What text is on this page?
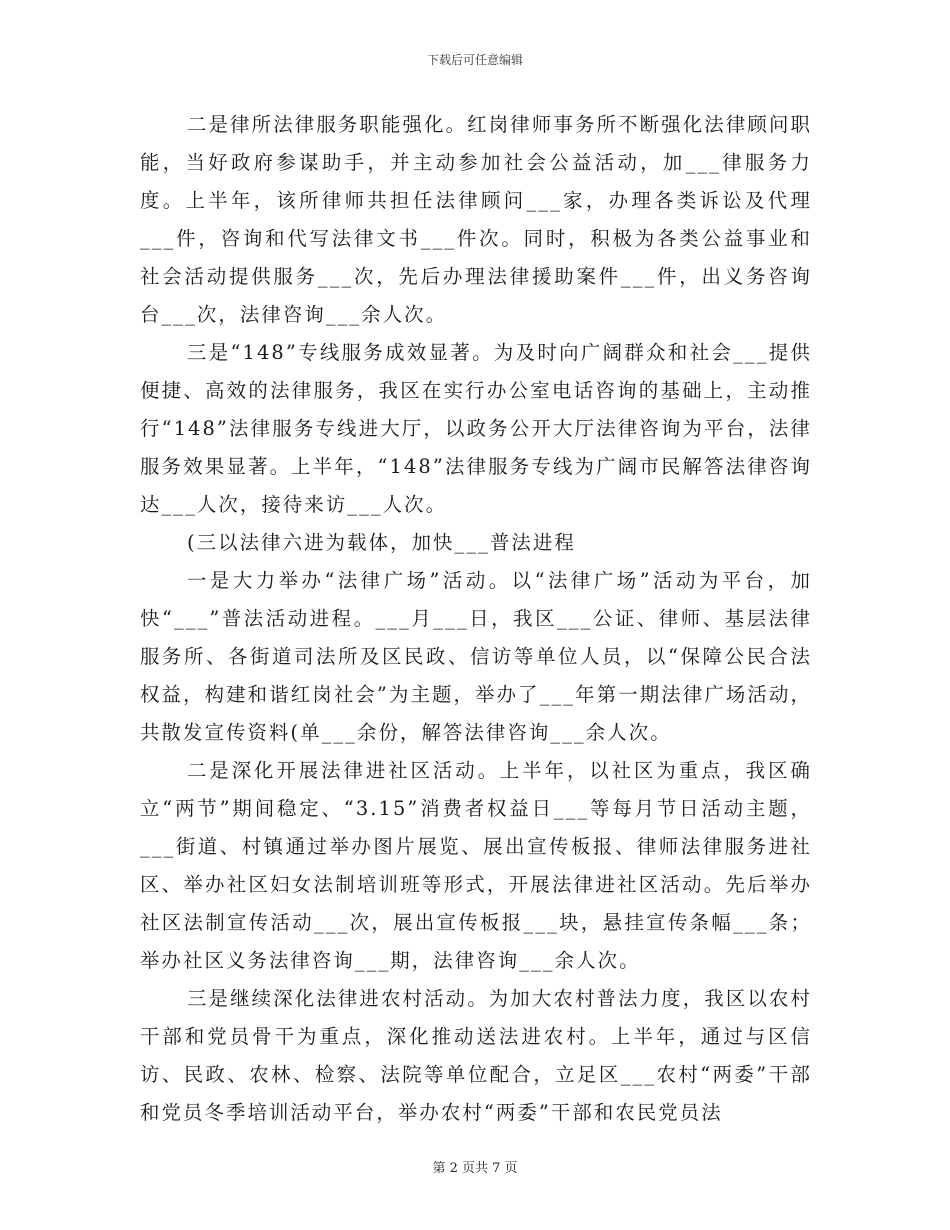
下载后可任意编辑

二是律所法律服务职能强化。红岗律师事务所不断强化法律顾问职能，当好政府参谋助手，并主动参加社会公益活动，加___律服务力度。上半年，该所律师共担任法律顾问___家，办理各类诉讼及代理___件，咨询和代写法律文书___件次。同时，积极为各类公益事业和社会活动提供服务___次，先后办理法律援助案件___件，出义务咨询台___次，法律咨询___余人次。

三是“148”专线服务成效显著。为及时向广阔群众和社会___提供便捷、高效的法律服务，我区在实行办公室电话咨询的基础上，主动推行“148”法律服务专线进大厅，以政务公开大厅法律咨询为平台，法律服务效果显著。上半年，“148”法律服务专线为广阔市民解答法律咨询达___人次，接待来访___人次。

(三以法律六进为载体，加快___普法进程

一是大力举办“法律广场”活动。以“法律广场”活动为平台，加快“___”普法活动进程。___月___日，我区___公证、律师、基层法律服务所、各街道司法所及区民政、信访等单位人员，以“保障公民合法权益，构建和谐红岗社会”为主题，举办了___年第一期法律广场活动，共散发宣传资料(单___余份，解答法律咨询___余人次。

二是深化开展法律进社区活动。上半年，以社区为重点，我区确立“两节”期间稳定、“3.15”消费者权益日___等每月节日活动主题，___街道、村镇通过举办图片展览、展出宣传板报、律师法律服务进社区、举办社区妇女法制培训班等形式，开展法律进社区活动。先后举办社区法制宣传活动___次，展出宣传板报___块，悬挂宣传条幅___条；举办社区义务法律咨询___期，法律咨询___余人次。

三是继续深化法律进农村活动。为加大农村普法力度，我区以农村干部和党员骨干为重点，深化推动送法进农村。上半年，通过与区信访、民政、农林、检察、法院等单位配合，立足区___农村“两委”干部和党员冬季培训活动平台，举办农村“两委”干部和农民党员法

第 2 页共 7 页
